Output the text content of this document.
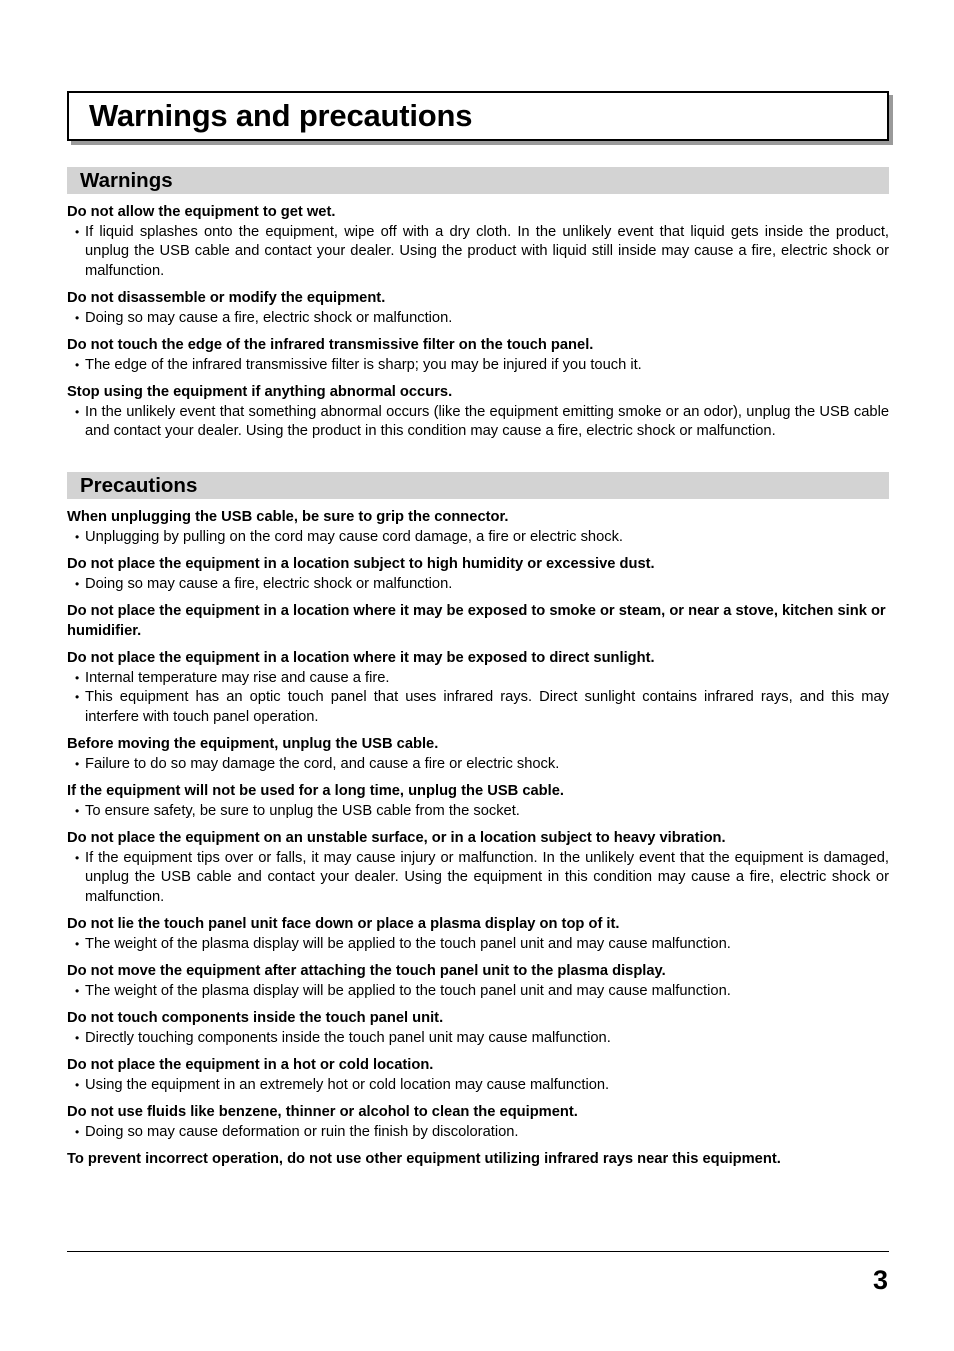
Warnings and precautions
Warnings
Do not allow the equipment to get wet.
• If liquid splashes onto the equipment, wipe off with a dry cloth. In the unlikely event that liquid gets inside the product, unplug the USB cable and contact your dealer. Using the product with liquid still inside may cause a fire, electric shock or malfunction.
Do not disassemble or modify the equipment.
• Doing so may cause a fire, electric shock or malfunction.
Do not touch the edge of the infrared transmissive filter on the touch panel.
• The edge of the infrared transmissive filter is sharp; you may be injured if you touch it.
Stop using the equipment if anything abnormal occurs.
• In the unlikely event that something abnormal occurs (like the equipment emitting smoke or an odor), unplug the USB cable and contact your dealer. Using the product in this condition may cause a fire, electric shock or malfunction.
Precautions
When unplugging the USB cable, be sure to grip the connector.
• Unplugging by pulling on the cord may cause cord damage, a fire or electric shock.
Do not place the equipment in a location subject to high humidity or excessive dust.
• Doing so may cause a fire, electric shock or malfunction.
Do not place the equipment in a location where it may be exposed to smoke or steam, or near a stove, kitchen sink or humidifier.
Do not place the equipment in a location where it may be exposed to direct sunlight.
• Internal temperature may rise and cause a fire.
• This equipment has an optic touch panel that uses infrared rays. Direct sunlight contains infrared rays, and this may interfere with touch panel operation.
Before moving the equipment, unplug the USB cable.
• Failure to do so may damage the cord, and cause a fire or electric shock.
If the equipment will not be used for a long time, unplug the USB cable.
• To ensure safety, be sure to unplug the USB cable from the socket.
Do not place the equipment on an unstable surface, or in a location subject to heavy vibration.
• If the equipment tips over or falls, it may cause injury or malfunction. In the unlikely event that the equipment is damaged, unplug the USB cable and contact your dealer. Using the equipment in this condition may cause a fire, electric shock or malfunction.
Do not lie the touch panel unit face down or place a plasma display on top of it.
• The weight of the plasma display will be applied to the touch panel unit and may cause malfunction.
Do not move the equipment after attaching the touch panel unit to the plasma display.
• The weight of the plasma display will be applied to the touch panel unit and may cause malfunction.
Do not touch components inside the touch panel unit.
• Directly touching components inside the touch panel unit may cause malfunction.
Do not place the equipment in a hot or cold location.
• Using the equipment in an extremely hot or cold location may cause malfunction.
Do not use fluids like benzene, thinner or alcohol to clean the equipment.
• Doing so may cause deformation or ruin the finish by discoloration.
To prevent incorrect operation, do not use other equipment utilizing infrared rays near this equipment.
3
